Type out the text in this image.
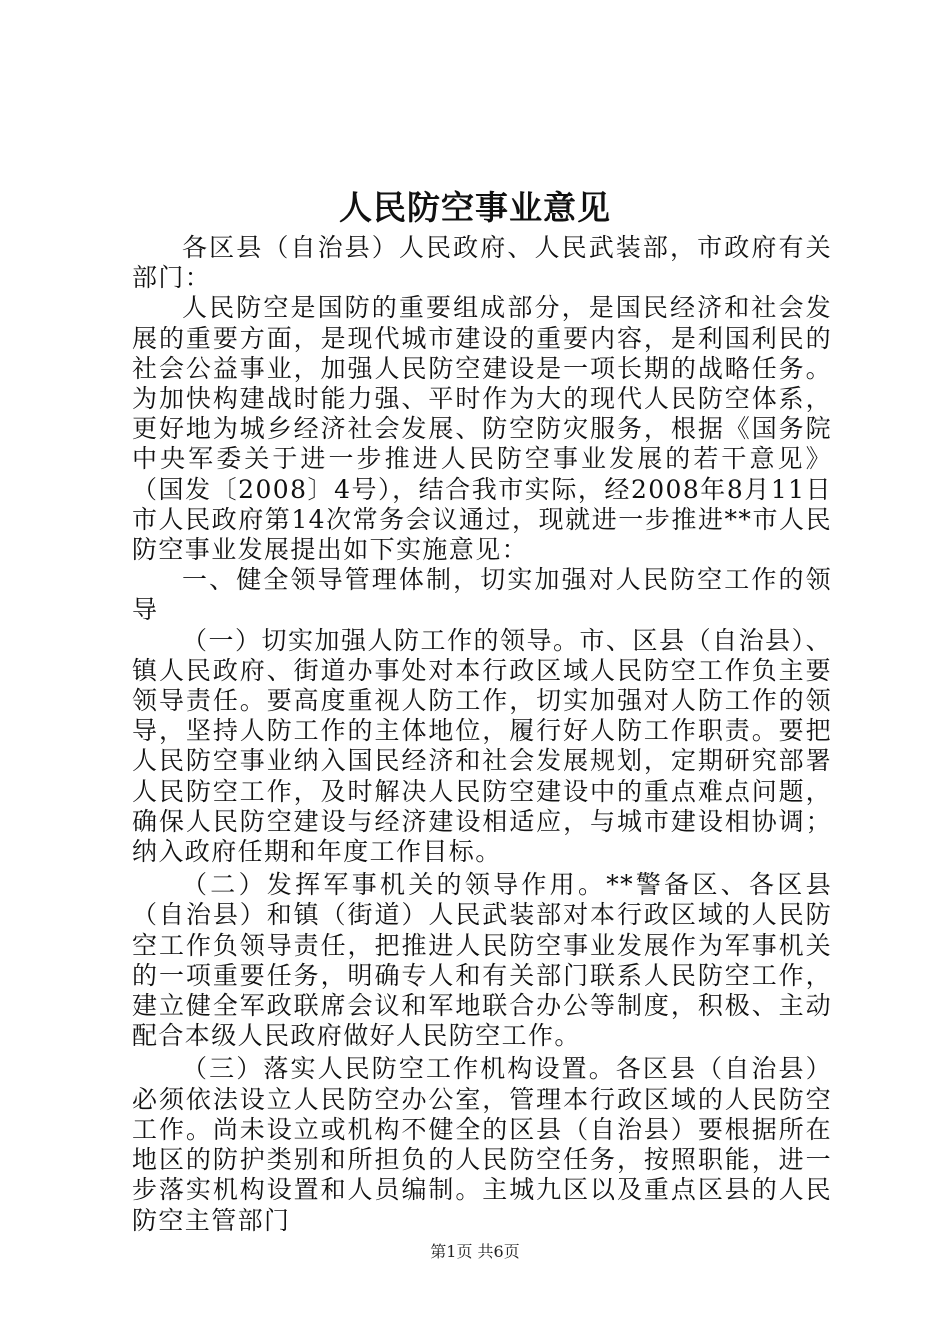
人民防空事业意见

各区县（自治县）人民政府、人民武装部，市政府有关部门：

人民防空是国防的重要组成部分，是国民经济和社会发展的重要方面，是现代城市建设的重要内容，是利国利民的社会公益事业，加强人民防空建设是一项长期的战略任务。为加快构建战时能力强、平时作为大的现代人民防空体系，更好地为城乡经济社会发展、防空防灾服务，根据《国务院中央军委关于进一步推进人民防空事业发展的若干意见》（国发〔2008〕4号），结合我市实际，经2008年8月11日市人民政府第14次常务会议通过，现就进一步推进**市人民防空事业发展提出如下实施意见：

一、健全领导管理体制，切实加强对人民防空工作的领导

（一）切实加强人防工作的领导。市、区县（自治县）、镇人民政府、街道办事处对本行政区域人民防空工作负主要领导责任。要高度重视人防工作，切实加强对人防工作的领导，坚持人防工作的主体地位，履行好人防工作职责。要把人民防空事业纳入国民经济和社会发展规划，定期研究部署人民防空工作，及时解决人民防空建设中的重点难点问题，确保人民防空建设与经济建设相适应，与城市建设相协调；纳入政府任期和年度工作目标。

（二）发挥军事机关的领导作用。**警备区、各区县（自治县）和镇（街道）人民武装部对本行政区域的人民防空工作负领导责任，把推进人民防空事业发展作为军事机关的一项重要任务，明确专人和有关部门联系人民防空工作，建立健全军政联席会议和军地联合办公等制度，积极、主动配合本级人民政府做好人民防空工作。

（三）落实人民防空工作机构设置。各区县（自治县）必须依法设立人民防空办公室，管理本行政区域的人民防空工作。尚未设立或机构不健全的区县（自治县）要根据所在地区的防护类别和所担负的人民防空任务，按照职能，进一步落实机构设置和人员编制。主城九区以及重点区县的人民防空主管部门

第1页 共6页
